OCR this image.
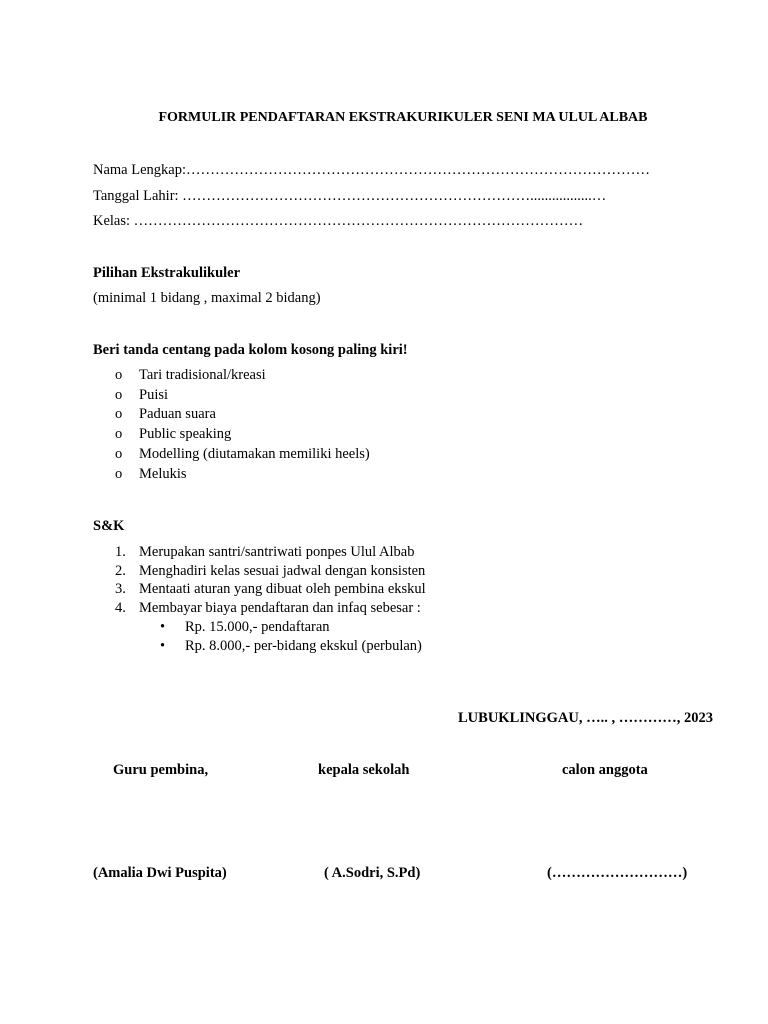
FORMULIR PENDAFTARAN EKSTRAKURIKULER SENI MA ULUL ALBAB
Nama Lengkap:……………………………………………………………………………………
Tanggal Lahir: ……………………………………………………………….................…
Kelas: …………………………………………………………………………………
Pilihan Ekstrakulikuler
(minimal 1 bidang , maximal 2 bidang)
Beri tanda centang pada kolom kosong paling kiri!
o Tari tradisional/kreasi
o Puisi
o Paduan suara
o Public speaking
o Modelling (diutamakan memiliki heels)
o Melukis
S&K
1. Merupakan santri/santriwati ponpes Ulul Albab
2. Menghadiri kelas sesuai jadwal dengan konsisten
3. Mentaati aturan yang dibuat oleh pembina ekskul
4. Membayar biaya pendaftaran dan infaq sebesar :
• Rp. 15.000,- pendaftaran
• Rp. 8.000,- per-bidang ekskul (perbulan)
LUBUKLINGGAU, ….. , …………, 2023
Guru pembina,	kepala sekolah	calon anggota
(Amalia Dwi Puspita)	( A.Sodri, S.Pd)	(………………………)
